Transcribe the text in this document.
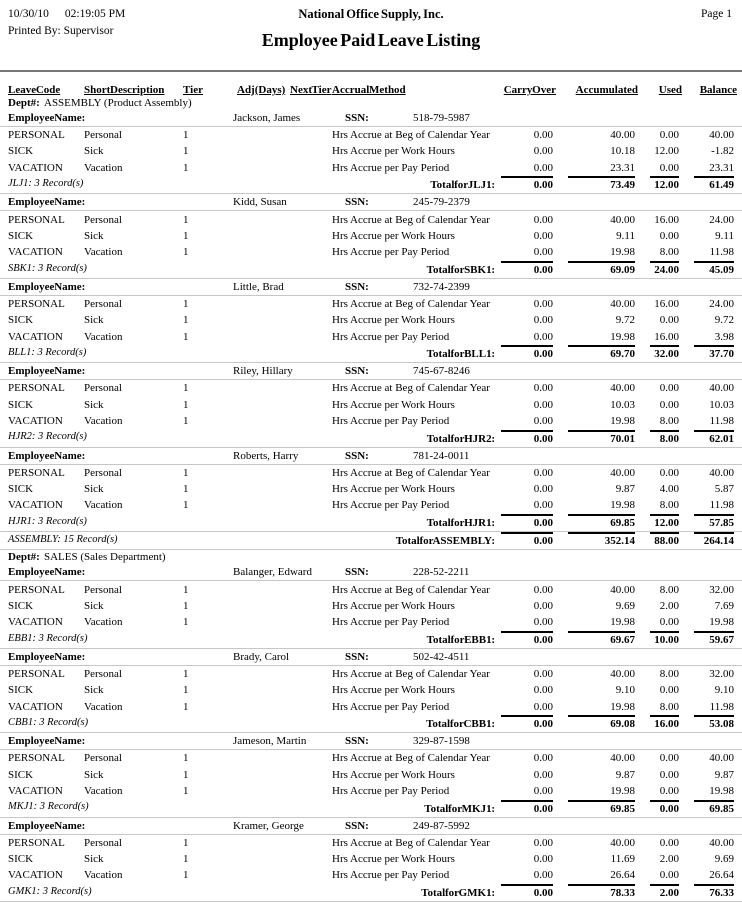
10/30/10 02:19:05 PM	National Office Supply, Inc.	Page 1
Printed By: Supervisor	Employee Paid Leave Listing
Leave Code	Short Description	Tier	Adj(Days) Next Tier Accrual Method	Carry Over	Accumulated	Used	Balance
Dept#: ASSEMBLY (Product Assembly)
Employee Name:	Jackson, James	SSN:	518-79-5987
PERSONAL	Personal	1	Hrs Accrue at Beg of Calendar Year	0.00	40.00	0.00	40.00
SICK	Sick	1	Hrs Accrue per Work Hours	0.00	10.18	12.00	-1.82
VACATION	Vacation	1	Hrs Accrue per Pay Period	0.00	23.31	0.00	23.31
JLJ1: 3 Record(s)	Total for JLJ1 :	0.00	73.49	12.00	61.49
Employee Name:	Kidd, Susan	SSN:	245-79-2379
PERSONAL	Personal	1	Hrs Accrue at Beg of Calendar Year	0.00	40.00	16.00	24.00
SICK	Sick	1	Hrs Accrue per Work Hours	0.00	9.11	0.00	9.11
VACATION	Vacation	1	Hrs Accrue per Pay Period	0.00	19.98	8.00	11.98
SBK1: 3 Record(s)	Total for SBK1 :	0.00	69.09	24.00	45.09
Employee Name:	Little, Brad	SSN:	732-74-2399
PERSONAL	Personal	1	Hrs Accrue at Beg of Calendar Year	0.00	40.00	16.00	24.00
SICK	Sick	1	Hrs Accrue per Work Hours	0.00	9.72	0.00	9.72
VACATION	Vacation	1	Hrs Accrue per Pay Period	0.00	19.98	16.00	3.98
BLL1: 3 Record(s)	Total for BLL1 :	0.00	69.70	32.00	37.70
Employee Name:	Riley, Hillary	SSN:	745-67-8246
PERSONAL	Personal	1	Hrs Accrue at Beg of Calendar Year	0.00	40.00	0.00	40.00
SICK	Sick	1	Hrs Accrue per Work Hours	0.00	10.03	0.00	10.03
VACATION	Vacation	1	Hrs Accrue per Pay Period	0.00	19.98	8.00	11.98
HJR2: 3 Record(s)	Total for HJR2 :	0.00	70.01	8.00	62.01
Employee Name:	Roberts, Harry	SSN:	781-24-0011
PERSONAL	Personal	1	Hrs Accrue at Beg of Calendar Year	0.00	40.00	0.00	40.00
SICK	Sick	1	Hrs Accrue per Work Hours	0.00	9.87	4.00	5.87
VACATION	Vacation	1	Hrs Accrue per Pay Period	0.00	19.98	8.00	11.98
HJR1: 3 Record(s)	Total for HJR1 :	0.00	69.85	12.00	57.85
ASSEMBLY: 15 Record(s)	Total for ASSEMBLY :	0.00	352.14	88.00	264.14
Dept#: SALES (Sales Department)
Employee Name:	Balanger, Edward	SSN:	228-52-2211
PERSONAL	Personal	1	Hrs Accrue at Beg of Calendar Year	0.00	40.00	8.00	32.00
SICK	Sick	1	Hrs Accrue per Work Hours	0.00	9.69	2.00	7.69
VACATION	Vacation	1	Hrs Accrue per Pay Period	0.00	19.98	0.00	19.98
EBB1: 3 Record(s)	Total for EBB1 :	0.00	69.67	10.00	59.67
Employee Name:	Brady, Carol	SSN:	502-42-4511
PERSONAL	Personal	1	Hrs Accrue at Beg of Calendar Year	0.00	40.00	8.00	32.00
SICK	Sick	1	Hrs Accrue per Work Hours	0.00	9.10	0.00	9.10
VACATION	Vacation	1	Hrs Accrue per Pay Period	0.00	19.98	8.00	11.98
CBB1: 3 Record(s)	Total for CBB1 :	0.00	69.08	16.00	53.08
Employee Name:	Jameson, Martin	SSN:	329-87-1598
PERSONAL	Personal	1	Hrs Accrue at Beg of Calendar Year	0.00	40.00	0.00	40.00
SICK	Sick	1	Hrs Accrue per Work Hours	0.00	9.87	0.00	9.87
VACATION	Vacation	1	Hrs Accrue per Pay Period	0.00	19.98	0.00	19.98
MKJ1: 3 Record(s)	Total for MKJ1 :	0.00	69.85	0.00	69.85
Employee Name:	Kramer, George	SSN:	249-87-5992
PERSONAL	Personal	1	Hrs Accrue at Beg of Calendar Year	0.00	40.00	0.00	40.00
SICK	Sick	1	Hrs Accrue per Work Hours	0.00	11.69	2.00	9.69
VACATION	Vacation	1	Hrs Accrue per Pay Period	0.00	26.64	0.00	26.64
GMK1: 3 Record(s)	Total for GMK1 :	0.00	78.33	2.00	76.33
